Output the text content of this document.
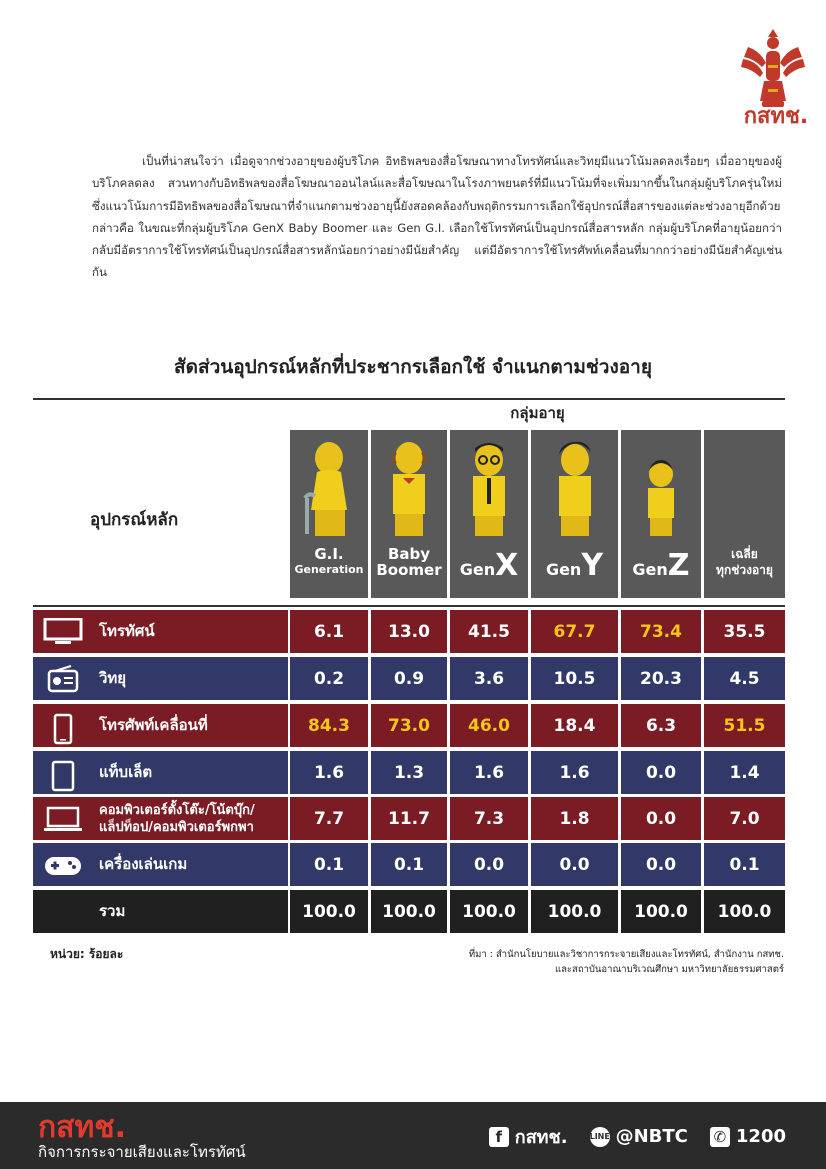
กสทช.
เป็นที่น่าสนใจว่า เมื่อดูจากช่วงอายุของผู้บริโภค อิทธิพลของสื่อโฆษณาทางโทรทัศน์และวิทยุมีแนวโน้มลดลงเรื่อยๆ เมื่ออายุของผู้บริโภคลดลง สวนทางกับอิทธิพลของสื่อโฆษณาออนไลน์และสื่อโฆษณาในโรงภาพยนตร์ที่มีแนวโน้มที่จะเพิ่มมากขึ้นในกลุ่มผู้บริโภครุ่นใหม่ ซึ่งแนวโน้มการมีอิทธิพลของสื่อโฆษณาที่จำแนกตามช่วงอายุนี้ยังสอดคล้องกับพฤติกรรมการเลือกใช้อุปกรณ์สื่อสารของแต่ละช่วงอายุอีกด้วย กล่าวคือ ในขณะที่กลุ่มผู้บริโภค GenX Baby Boomer และ Gen G.I. เลือกใช้โทรทัศน์เป็นอุปกรณ์สื่อสารหลัก กลุ่มผู้บริโภคที่อายุน้อยกว่ากลับมีอัตราการใช้โทรทัศน์เป็นอุปกรณ์สื่อสารหลักน้อยกว่าอย่างมีนัยสำคัญ แต่มีอัตราการใช้โทรศัพท์เคลื่อนที่มากกว่าอย่างมีนัยสำคัญเช่นกัน
สัดส่วนอุปกรณ์หลักที่ประชากรเลือกใช้ จำแนกตามช่วงอายุ
กลุ่มอายุ
อุปกรณ์หลัก
G.I.
Generation
Baby
Boomer	GenX	GenY	GenZ	เฉลี่ย
ทุกช่วงอายุ
โทรทัศน์	6.1	13.0	41.5	67.7	73.4	35.5
วิทยุ	0.2	0.9	3.6	10.5	20.3	4.5
โทรศัพท์เคลื่อนที่	84.3	73.0	46.0	18.4	6.3	51.5
แท็บเล็ต	1.6	1.3	1.6	1.6	0.0	1.4
คอมพิวเตอร์ตั้งโต๊ะ/โน้ตบุ๊ก/ แล็ปท็อป/คอมพิวเตอร์พกพา	7.7	11.7	7.3	1.8	0.0	7.0
เครื่องเล่นเกม	0.1	0.1	0.0	0.0	0.0	0.1
รวม	100.0	100.0	100.0	100.0	100.0	100.0
หน่วย: ร้อยละ	ที่มา : สำนักนโยบายและวิชาการกระจายเสียงและโทรทัศน์, สำนักงาน กสทช.
และสถาบันอาณาบริเวณศึกษา มหาวิทยาลัยธรรมศาสตร์
กสทช.
กิจการกระจายเสียงและโทรทัศน์
f กสทช.	LINE @NBTC ✆ 1200
